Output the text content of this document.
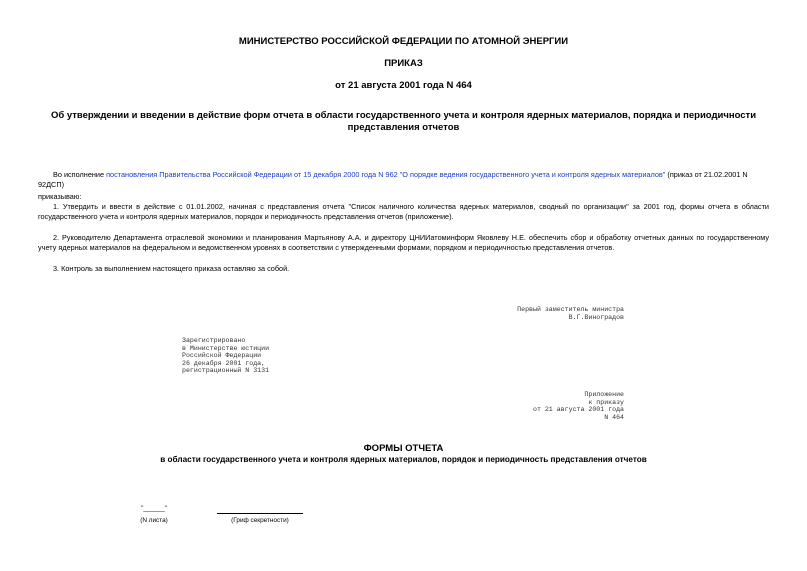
МИНИСТЕРСТВО РОССИЙСКОЙ ФЕДЕРАЦИИ ПО АТОМНОЙ ЭНЕРГИИ
ПРИКАЗ
от 21 августа 2001 года N 464
Об утверждении и введении в действие форм отчета в области государственного учета и контроля ядерных материалов, порядка и периодичности представления отчетов
Во исполнение постановления Правительства Российской Федерации от 15 декабря 2000 года N 962 "О порядке ведения государственного учета и контроля ядерных материалов" (приказ от 21.02.2001 N 92ДСП)
приказываю:
1. Утвердить и ввести в действие с 01.01.2002, начиная с представления отчета "Список наличного количества ядерных материалов, сводный по организации" за 2001 год, формы отчета в области государственного учета и контроля ядерных материалов, порядок и периодичность представления отчетов (приложение).
2. Руководителю Департамента отраслевой экономики и планирования Мартьянову А.А. и директору ЦНИИатоминформ Яковлеву Н.Е. обеспечить сбор и обработку отчетных данных по государственному учету ядерных материалов на федеральном и ведомственном уровнях в соответствии с утвержденными формами, порядком и периодичностью представления отчетов.
3. Контроль за выполнением настоящего приказа оставляю за собой.
Первый заместитель министра
В.Г.Виноградов
Зарегистрировано
в Министерстве юстиции
Российской Федерации
26 декабря 2001 года,
регистрационный N 3131
Приложение
к приказу
от 21 августа 2001 года
N 464
ФОРМЫ ОТЧЕТА
в области государственного учета и контроля ядерных материалов, порядок и периодичность представления отчетов
"______"
(N листа)	(Гриф секретности)
